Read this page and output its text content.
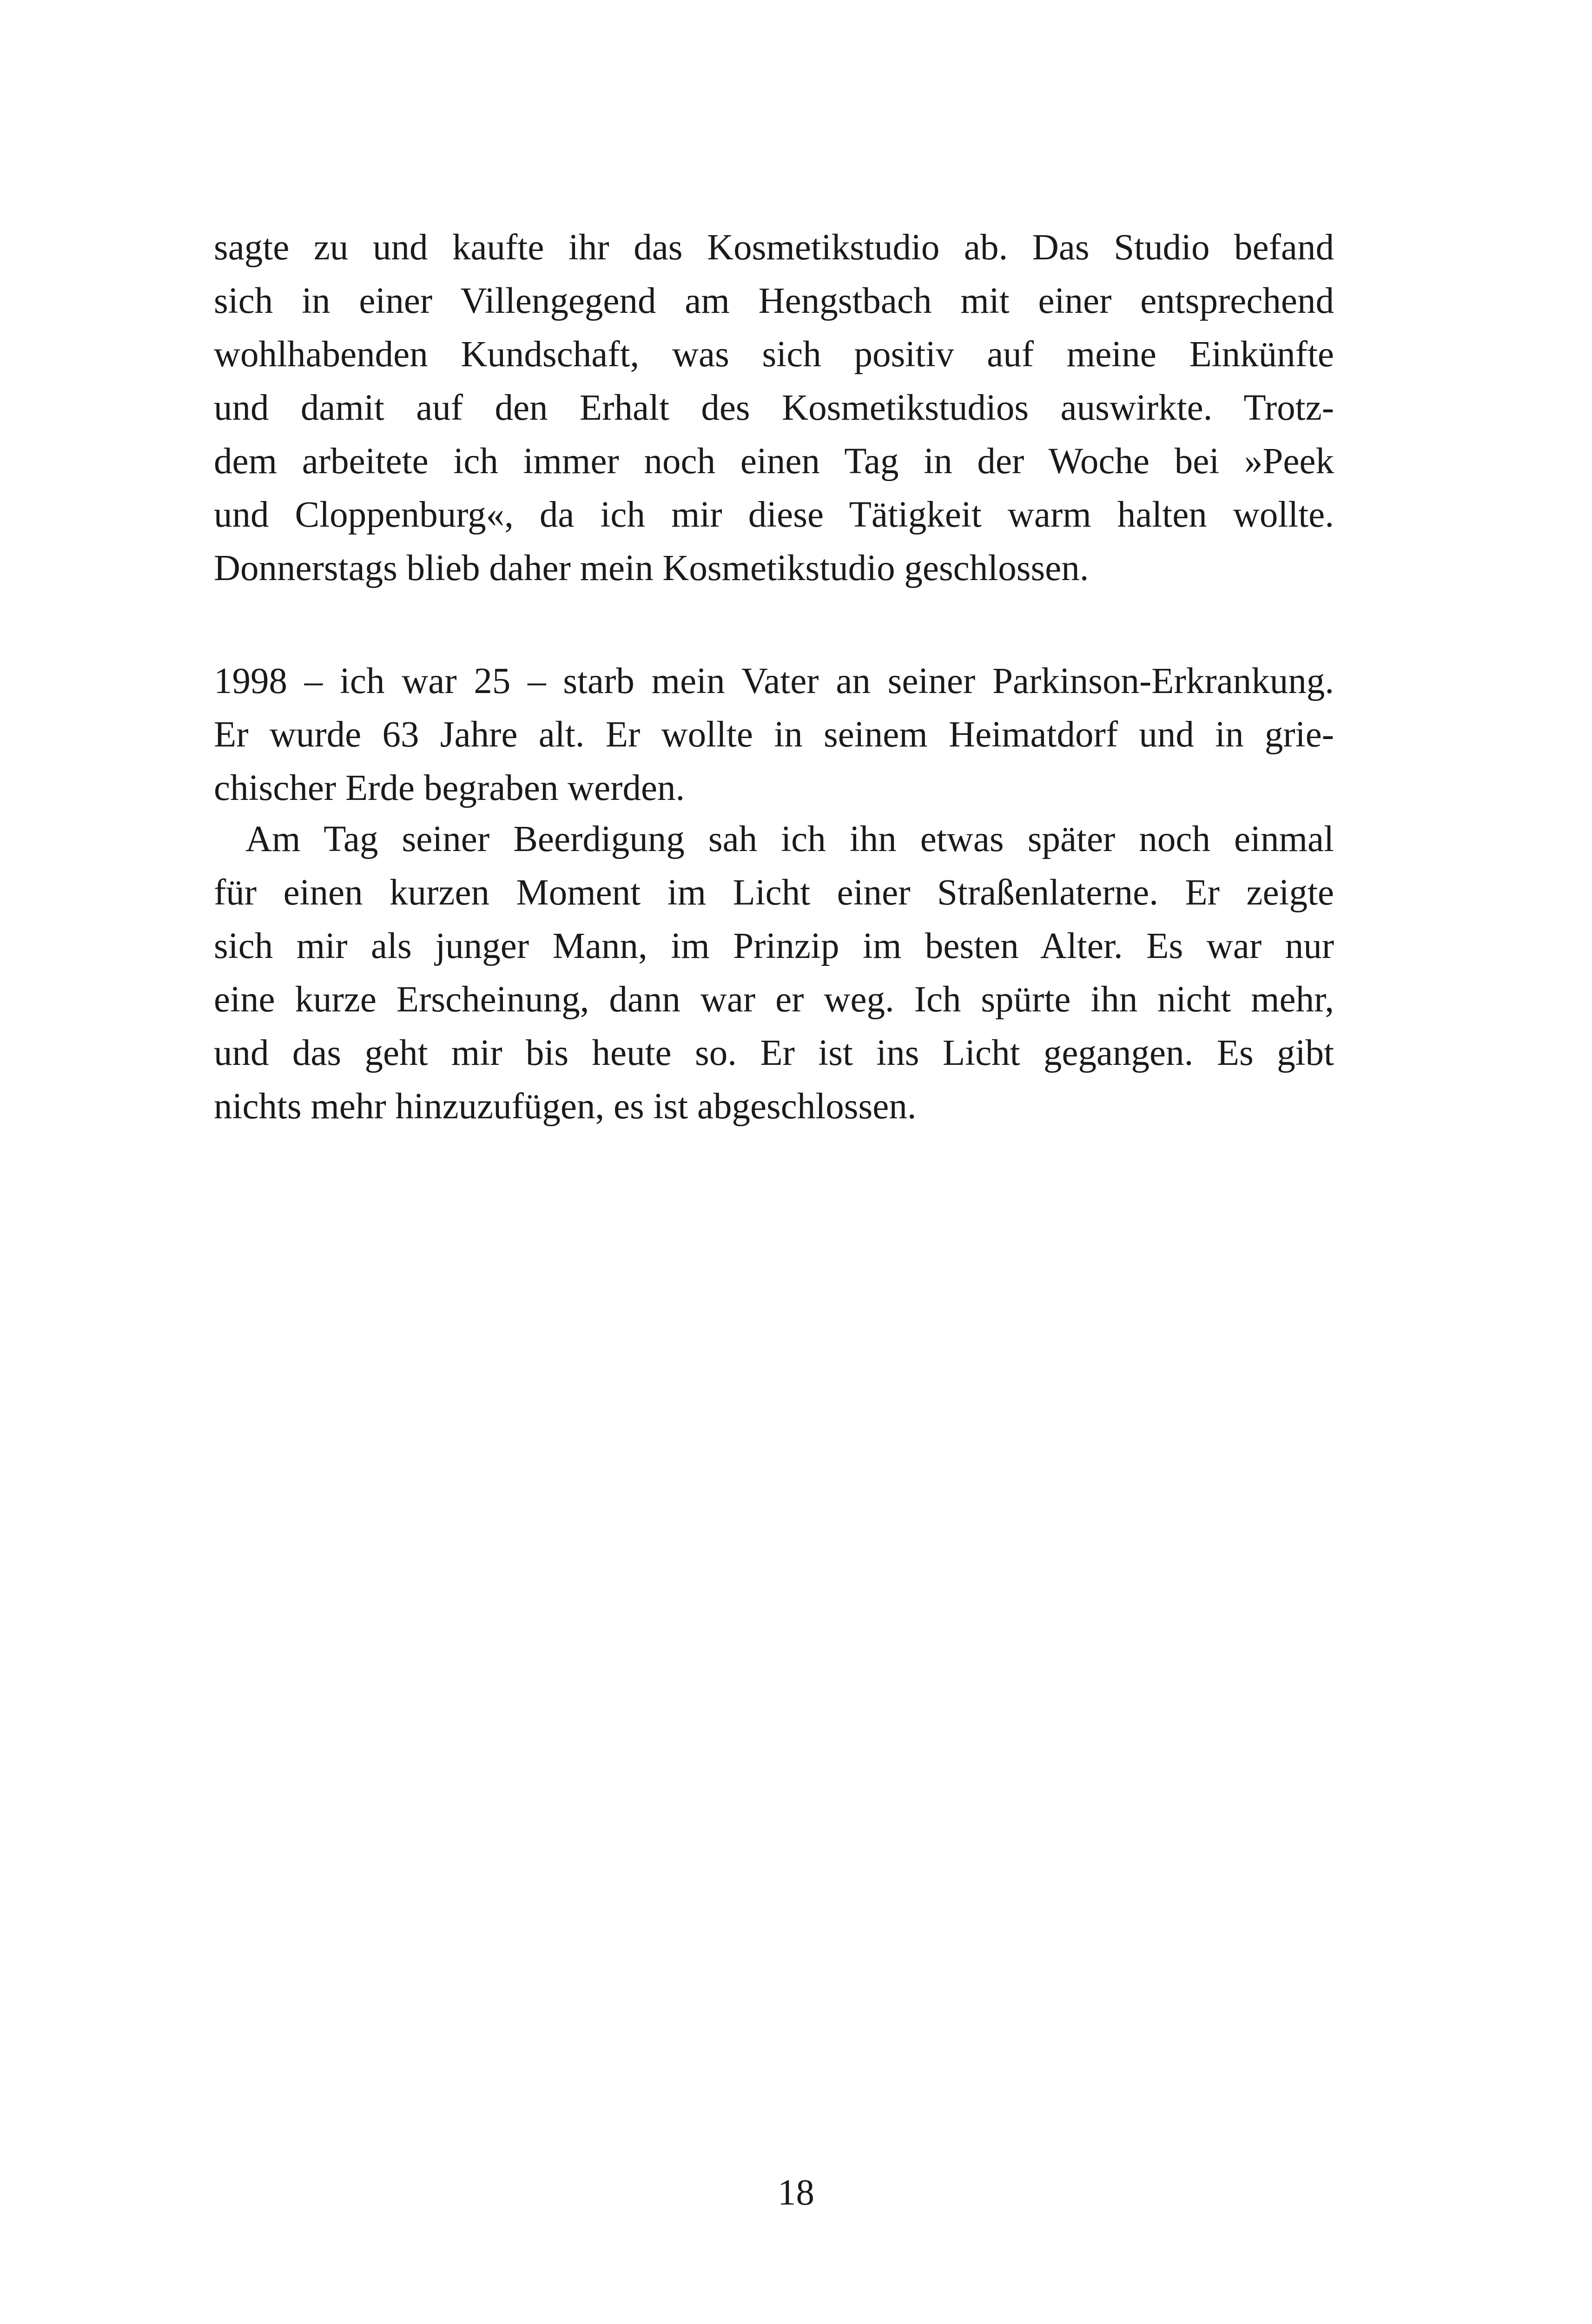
sagte zu und kaufte ihr das Kosmetikstudio ab. Das Studio befand
sich in einer Villengegend am Hengstbach mit einer entsprechend
wohlhabenden Kundschaft, was sich positiv auf meine Einkünfte
und damit auf den Erhalt des Kosmetikstudios auswirkte. Trotz-
dem arbeitete ich immer noch einen Tag in der Woche bei »Peek
und Cloppenburg«, da ich mir diese Tätigkeit warm halten wollte.
Donnerstags blieb daher mein Kosmetikstudio geschlossen.
1998 – ich war 25 – starb mein Vater an seiner Parkinson-Erkrankung.
Er wurde 63 Jahre alt. Er wollte in seinem Heimatdorf und in grie-
chischer Erde begraben werden.
Am Tag seiner Beerdigung sah ich ihn etwas später noch einmal
für einen kurzen Moment im Licht einer Straßenlaterne. Er zeigte
sich mir als junger Mann, im Prinzip im besten Alter. Es war nur
eine kurze Erscheinung, dann war er weg. Ich spürte ihn nicht mehr,
und das geht mir bis heute so. Er ist ins Licht gegangen. Es gibt
nichts mehr hinzuzufügen, es ist abgeschlossen.
18
